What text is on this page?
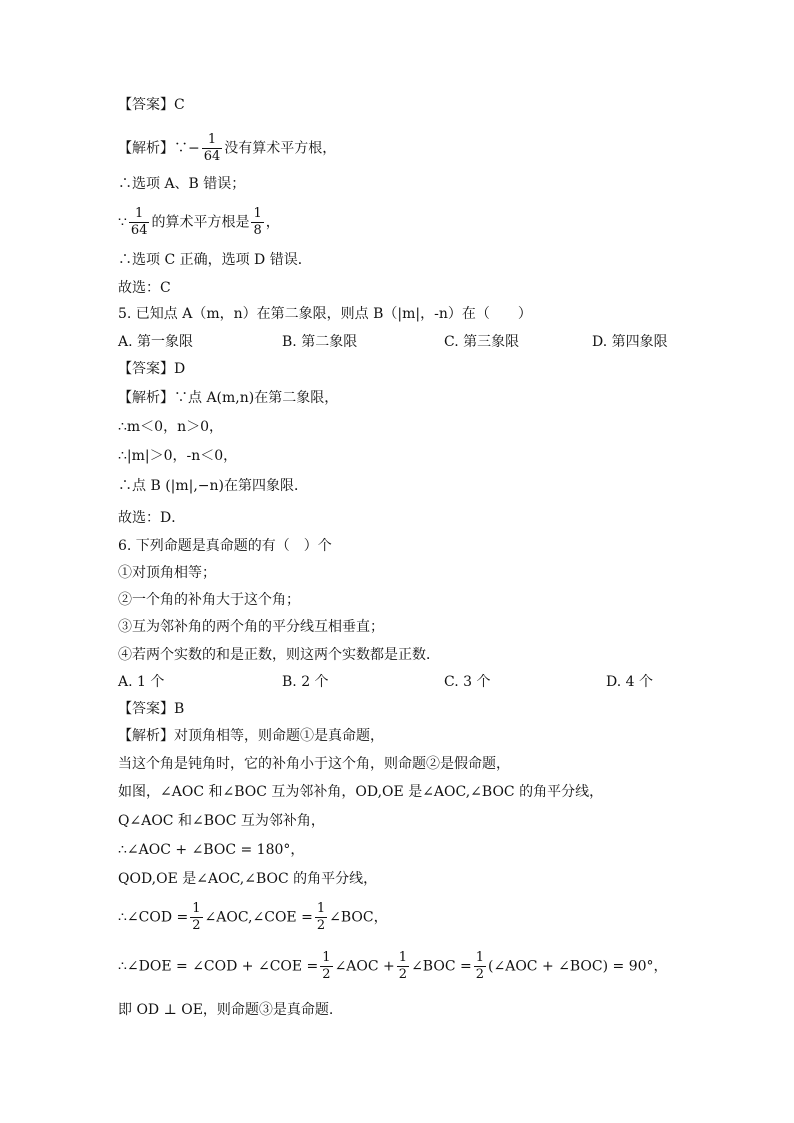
【答案】C
【解析】∵− $\frac{1}{64}$ 没有算术平方根，
∴选项 A、B 错误；
∵ $\frac{1}{64}$ 的算术平方根是 $\frac{1}{8}$ ，
∴选项 C 正确，选项 D 错误．
故选：C
5. 已知点 A（m，n）在第二象限，则点 B（|m|，-n）在（　　）
A. 第一象限	B. 第二象限	C. 第三象限	D. 第四象限
【答案】D
【解析】∵点 A(m,n)在第二象限，
∴m＜0，n＞0，
∴|m|＞0，-n＜0，
∴点 B (|m|,−n)在第四象限．
故选：D．
6. 下列命题是真命题的有（　）个
①对顶角相等；
②一个角的补角大于这个角；
③互为邻补角的两个角的平分线互相垂直；
④若两个实数的和是正数，则这两个实数都是正数．
A. 1 个	B. 2 个	C. 3 个	D. 4 个
【答案】B
【解析】对顶角相等，则命题①是真命题，
当这个角是钝角时，它的补角小于这个角，则命题②是假命题，
如图，∠AOC 和∠BOC 互为邻补角，OD,OE 是∠AOC,∠BOC 的角平分线，
Q∠AOC 和∠BOC 互为邻补角，
∴∠AOC + ∠BOC = 180°，
QOD,OE 是∠AOC,∠BOC 的角平分线，
∴∠COD = $\frac{1}{2}$ ∠AOC,∠COE = $\frac{1}{2}$ ∠BOC，
∴∠DOE = ∠COD + ∠COE = $\frac{1}{2}$ ∠AOC + $\frac{1}{2}$ ∠BOC = $\frac{1}{2}$ (∠AOC + ∠BOC) = 90°，
即 OD ⊥ OE，则命题③是真命题.
